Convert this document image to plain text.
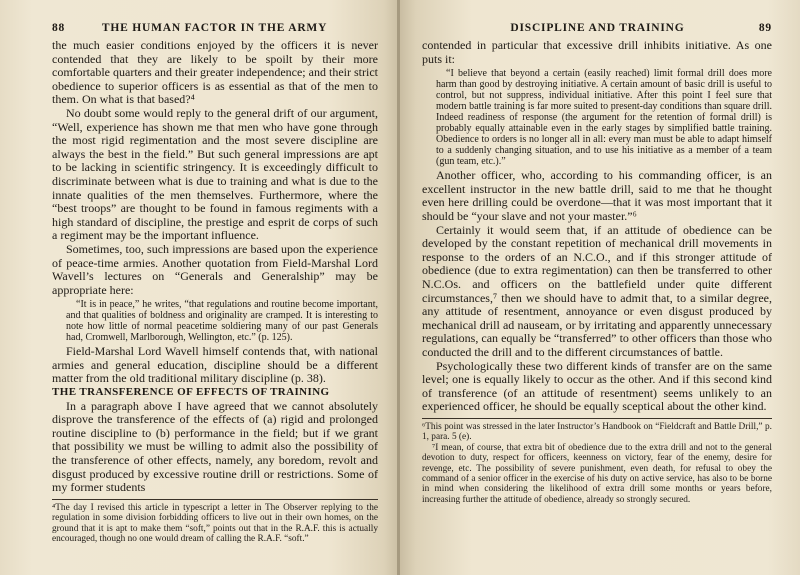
88	THE HUMAN FACTOR IN THE ARMY

the much easier conditions enjoyed by the officers it is never contended that they are likely to be spoilt by their more comfortable quarters and their greater independence; and their strict obedience to superior officers is as essential as that of the men to them. On what is that based?⁴

No doubt some would reply to the general drift of our argument, “Well, experience has shown me that men who have gone through the most rigid regimentation and the most severe discipline are always the best in the field.” But such general impressions are apt to be lacking in scientific stringency. It is exceedingly difficult to discriminate between what is due to training and what is due to the innate qualities of the men themselves. Furthermore, where the “best troops” are thought to be found in famous regiments with a high standard of discipline, the prestige and esprit de corps of such a regiment may be the important influence.

Sometimes, too, such impressions are based upon the experience of peace-time armies. Another quotation from Field-Marshal Lord Wavell’s lectures on “Generals and Generalship” may be appropriate here:

“It is in peace,” he writes, “that regulations and routine become important, and that qualities of boldness and originality are cramped. It is interesting to note how little of normal peacetime soldiering many of our past Generals had, Cromwell, Marlborough, Wellington, etc.” (p. 125).

Field-Marshal Lord Wavell himself contends that, with national armies and general education, discipline should be a different matter from the old traditional military discipline (p. 38).

THE TRANSFERENCE OF EFFECTS OF TRAINING

In a paragraph above I have agreed that we cannot absolutely disprove the transference of the effects of (a) rigid and prolonged routine discipline to (b) performance in the field; but if we grant that possibility we must be willing to admit also the possibility of the transference of other effects, namely, any boredom, revolt and disgust produced by excessive routine drill or restrictions. Some of my former students

⁴The day I revised this article in typescript a letter in The Observer replying to the regulation in some division forbidding officers to live out in their own homes, on the ground that it is apt to make them “soft,” points out that in the R.A.F. this is actually encouraged, though no one would dream of calling the R.A.F. “soft.”

DISCIPLINE AND TRAINING	89

contended in particular that excessive drill inhibits initiative. As one puts it:

“I believe that beyond a certain (easily reached) limit formal drill does more harm than good by destroying initiative. A certain amount of basic drill is useful to control, but not suppress, individual initiative. After this point I feel sure that modern battle training is far more suited to present-day conditions than square drill. Indeed readiness of response (the argument for the retention of formal drill) is probably equally attainable even in the early stages by simplified battle training. Obedience to orders is no longer all in all: every man must be able to adapt himself to a suddenly changing situation, and to use his initiative as a member of a team (gun team, etc.).”

Another officer, who, according to his commanding officer, is an excellent instructor in the new battle drill, said to me that he thought even here drilling could be overdone—that it was most important that it should be “your slave and not your master.”⁶

Certainly it would seem that, if an attitude of obedience can be developed by the constant repetition of mechanical drill movements in response to the orders of an N.C.O., and if this stronger attitude of obedience (due to extra regimentation) can then be transferred to other N.C.Os. and officers on the battlefield under quite different circumstances,⁷ then we should have to admit that, to a similar degree, any attitude of resentment, annoyance or even disgust produced by mechanical drill ad nauseam, or by irritating and apparently unnecessary regulations, can equally be “transferred” to other officers than those who conducted the drill and to the different circumstances of battle.

Psychologically these two different kinds of transfer are on the same level; one is equally likely to occur as the other. And if this second kind of transference (of an attitude of resentment) seems unlikely to an experienced officer, he should be equally sceptical about the other kind.

⁶This point was stressed in the later Instructor’s Handbook on “Fieldcraft and Battle Drill,” p. 1, para. 5 (e).

⁷I mean, of course, that extra bit of obedience due to the extra drill and not to the general devotion to duty, respect for officers, keenness on victory, fear of the enemy, desire for revenge, etc. The possibility of severe punishment, even death, for refusal to obey the command of a senior officer in the exercise of his duty on active service, has also to be borne in mind when considering the likelihood of extra drill some months or years before, increasing further the attitude of obedience, already so strongly secured.
